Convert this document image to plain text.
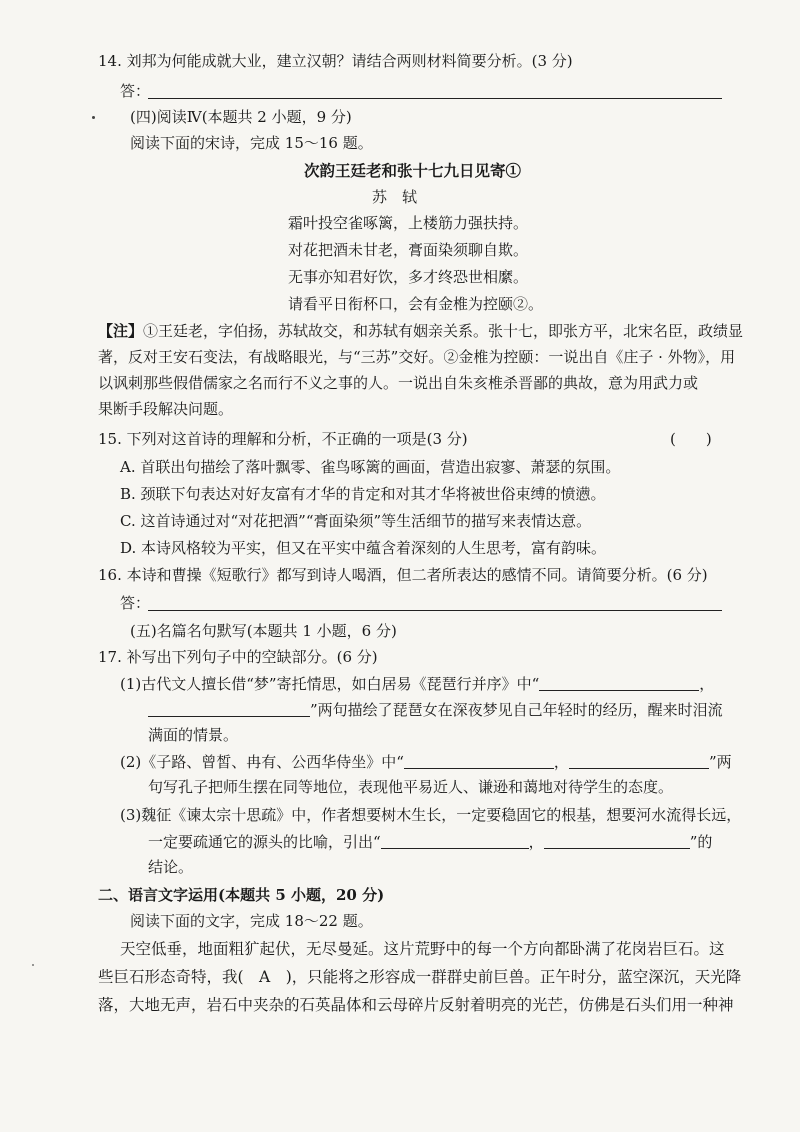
14. 刘邦为何能成就大业，建立汉朝？请结合两则材料简要分析。(3 分)
答：
(四)阅读Ⅳ(本题共 2 小题，9 分)
阅读下面的宋诗，完成 15～16 题。
次韵王廷老和张十七九日见寄①
苏　轼
霜叶投空雀啄篱，上楼筋力强扶持。
对花把酒未甘老，膏面染须聊自欺。
无事亦知君好饮，多才终恐世相縻。
请看平日衔杯口，会有金椎为控颐②。
【注】①王廷老，字伯扬，苏轼故交，和苏轼有姻亲关系。张十七，即张方平，北宋名臣，政绩显
著，反对王安石变法，有战略眼光，与“三苏”交好。②金椎为控颐：一说出自《庄子 · 外物》，用
以讽刺那些假借儒家之名而行不义之事的人。一说出自朱亥椎杀晋鄙的典故，意为用武力或
果断手段解决问题。
15. 下列对这首诗的理解和分析，不正确的一项是(3 分)	(　　)
A. 首联出句描绘了落叶飘零、雀鸟啄篱的画面，营造出寂寥、萧瑟的氛围。
B. 颈联下句表达对好友富有才华的肯定和对其才华将被世俗束缚的愤懑。
C. 这首诗通过对“对花把酒”“膏面染须”等生活细节的描写来表情达意。
D. 本诗风格较为平实，但又在平实中蕴含着深刻的人生思考，富有韵味。
16. 本诗和曹操《短歌行》都写到诗人喝酒，但二者所表达的感情不同。请简要分析。(6 分)
答：
(五)名篇名句默写(本题共 1 小题，6 分)
17. 补写出下列句子中的空缺部分。(6 分)
(1)古代文人擅长借“梦”寄托情思，如白居易《琵琶行并序》中“	，
”两句描绘了琵琶女在深夜梦见自己年轻时的经历，醒来时泪流
满面的情景。
(2)《子路、曾皙、冉有、公西华侍坐》中“	，	”两
句写孔子把师生摆在同等地位，表现他平易近人、谦逊和蔼地对待学生的态度。
(3)魏征《谏太宗十思疏》中，作者想要树木生长，一定要稳固它的根基，想要河水流得长远，
一定要疏通它的源头的比喻，引出“	，	”的
结论。
二、语言文字运用(本题共 5 小题，20 分)
阅读下面的文字，完成 18～22 题。
天空低垂，地面粗犷起伏，无尽曼延。这片荒野中的每一个方向都卧满了花岗岩巨石。这
些巨石形态奇特，我(　A　)，只能将之形容成一群群史前巨兽。正午时分，蓝空深沉，天光降
落，大地无声，岩石中夹杂的石英晶体和云母碎片反射着明亮的光芒，仿佛是石头们用一种神
